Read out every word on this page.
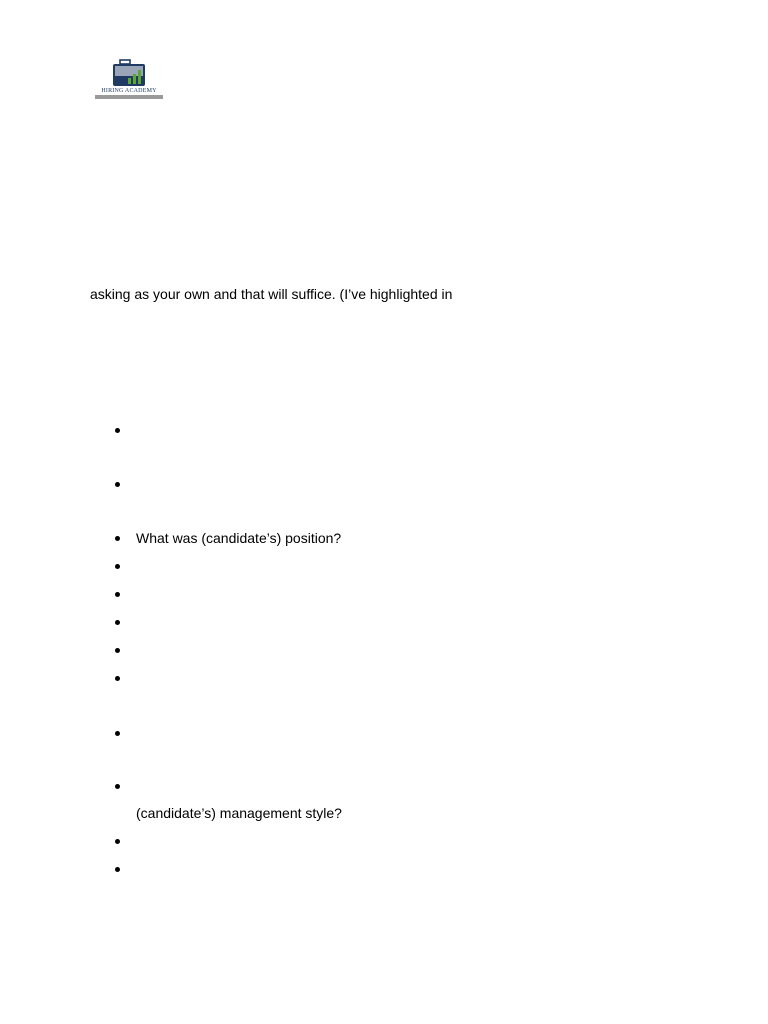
HIRING ACADEMY
asking as your own and that will suffice. (I’ve highlighted in
What was (candidate’s) position?
(candidate’s) management style?
